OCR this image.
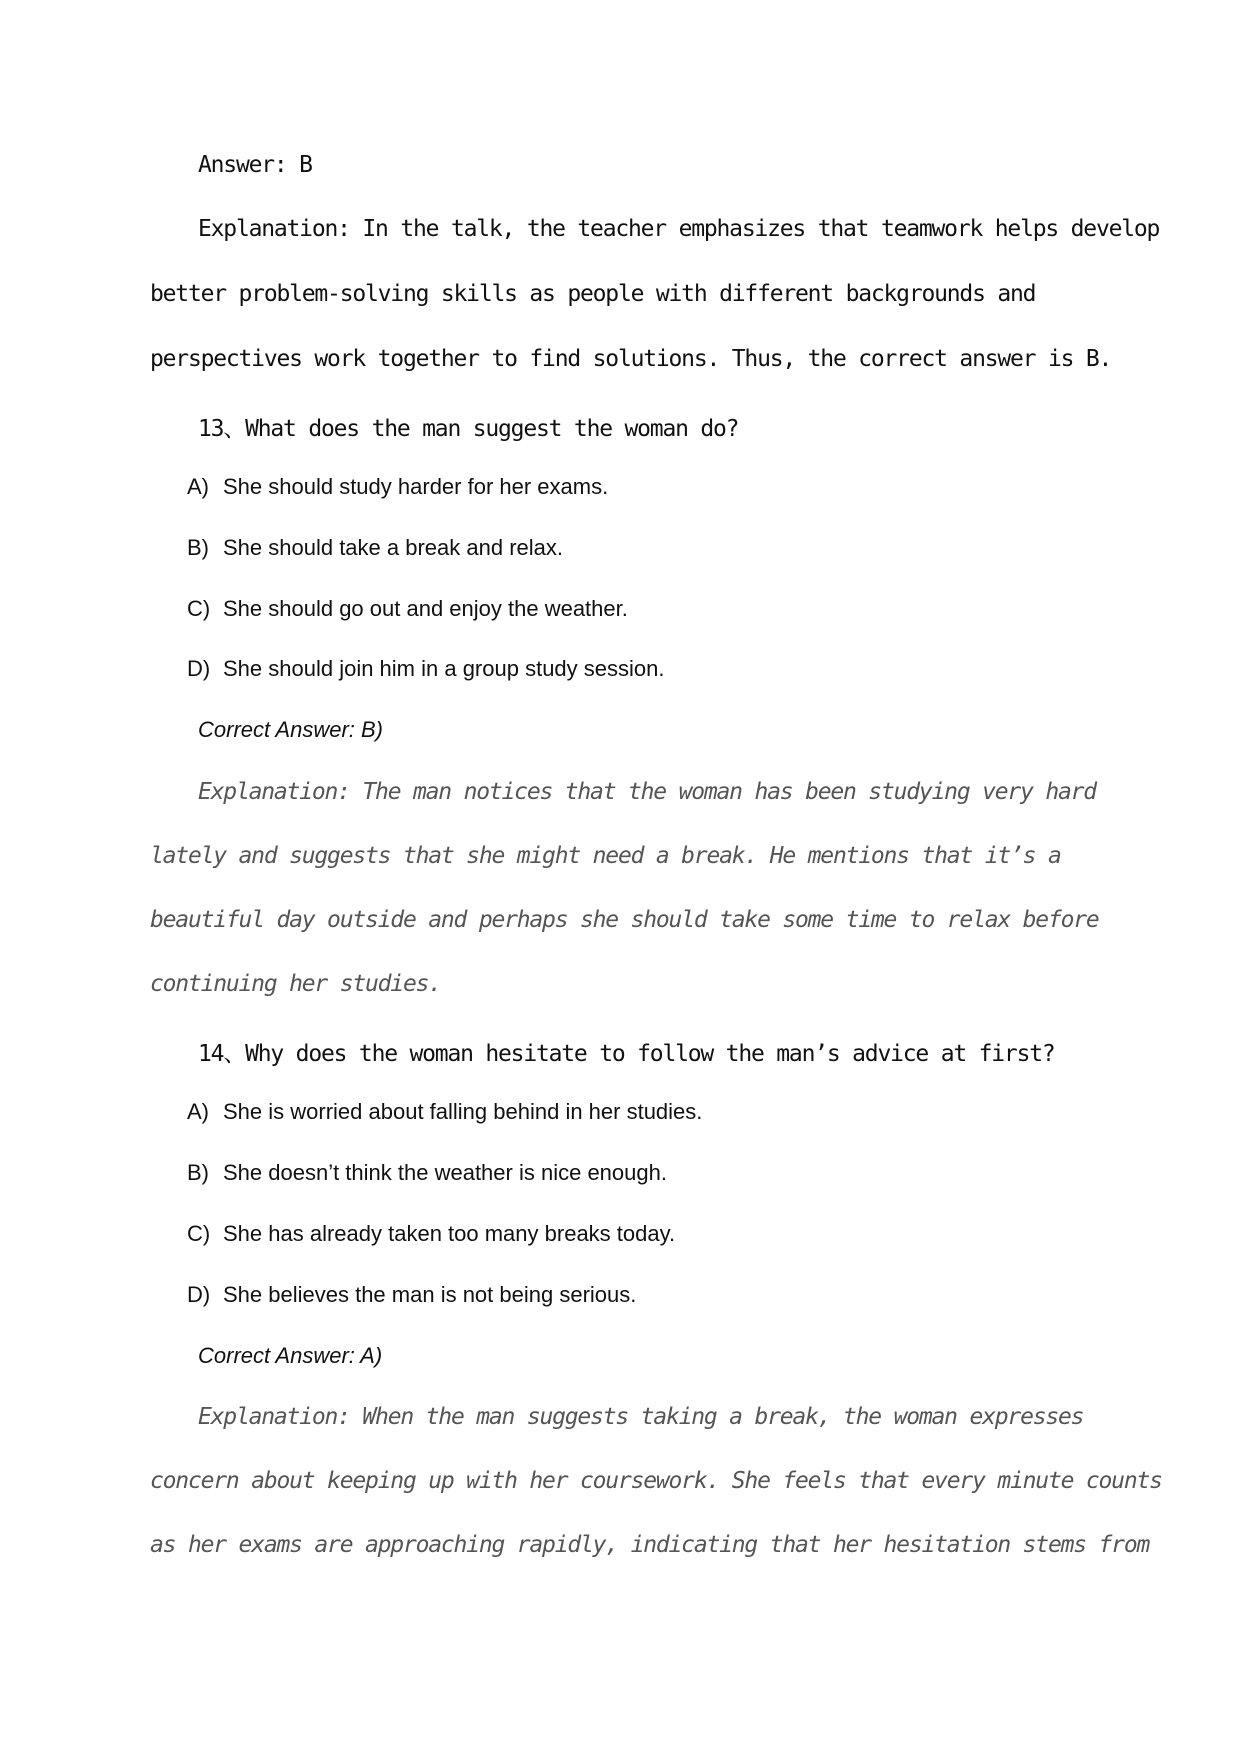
Answer: B
Explanation: In the talk, the teacher emphasizes that teamwork helps develop
better problem-solving skills as people with different backgrounds and
perspectives work together to find solutions. Thus, the correct answer is B.
13、What does the man suggest the woman do?
A) She should study harder for her exams.
B) She should take a break and relax.
C) She should go out and enjoy the weather.
D) She should join him in a group study session.
Correct Answer: B)
Explanation: The man notices that the woman has been studying very hard
lately and suggests that she might need a break. He mentions that it’s a
beautiful day outside and perhaps she should take some time to relax before
continuing her studies.
14、Why does the woman hesitate to follow the man’s advice at first?
A) She is worried about falling behind in her studies.
B) She doesn’t think the weather is nice enough.
C) She has already taken too many breaks today.
D) She believes the man is not being serious.
Correct Answer: A)
Explanation: When the man suggests taking a break, the woman expresses
concern about keeping up with her coursework. She feels that every minute counts
as her exams are approaching rapidly, indicating that her hesitation stems from
